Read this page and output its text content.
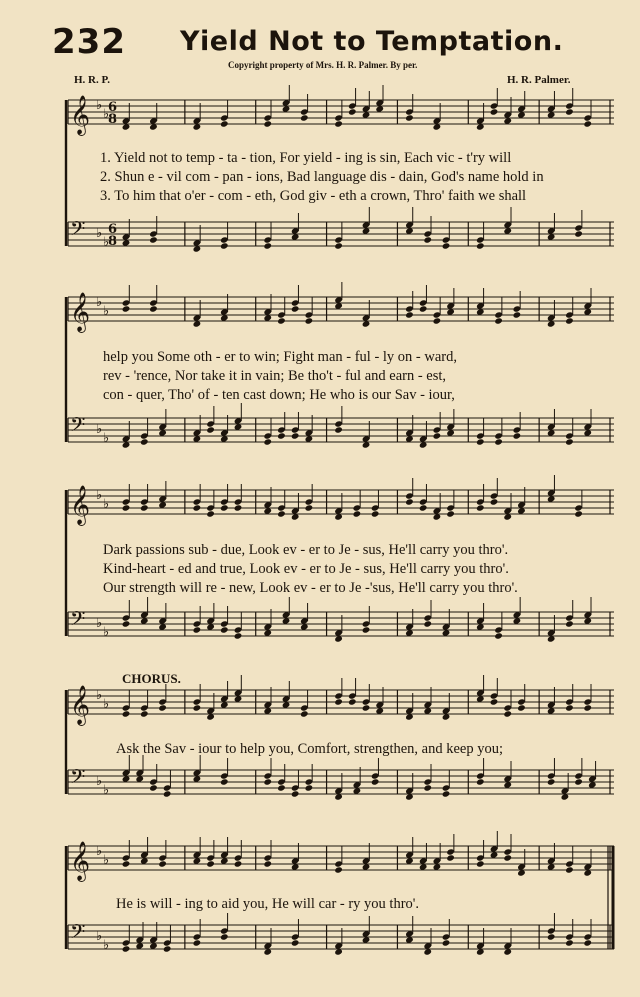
232 Yield Not to Temptation.
Copyright property of Mrs. H. R. Palmer. By per.
H. R. P.	H. R. Palmer.
CHORUS.
𝄞 ♭
♭
𝄢 ♭
♭
𝄞 ♭
♭
𝄢 ♭
♭
𝄞 ♭
♭
𝄢 ♭
♭
𝄞 ♭
♭
𝄞 ♭
♭
𝄢 ♭
♭
𝄢 ♭
♭
6
8
6
8
1. Yield not to temp - ta - tion, For yield - ing is sin, Each vic - t'ry will
2. Shun e - vil com - pan - ions, Bad language dis - dain, God's name hold in
3. To him that o'er - com - eth, God giv - eth a crown, Thro' faith we shall
help you Some oth - er to win; Fight man - ful - ly on - ward,
rev - 'rence, Nor take it in vain; Be tho't - ful and earn - est,
con - quer, Tho' of - ten cast down; He who is our Sav - iour,
Dark passions sub - due, Look ev - er to Je - sus, He'll carry you thro'.
Kind-heart - ed and true, Look ev - er to Je - sus, He'll carry you thro'.
Our strength will re - new, Look ev - er to Je -'sus, He'll carry you thro'.
Ask the Sav - iour to help you, Comfort, strengthen, and keep you;
He is will - ing to aid you, He will car - ry you thro'.
